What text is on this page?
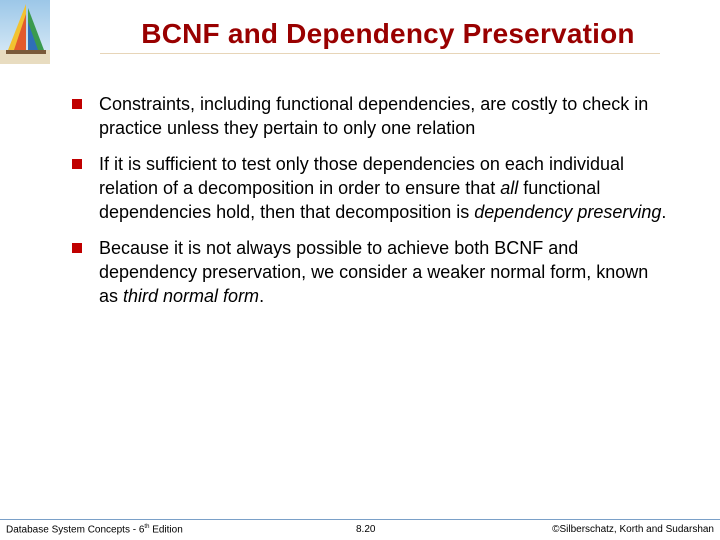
BCNF and Dependency Preservation
Constraints, including functional dependencies, are costly to check in practice unless they pertain to only one relation
If it is sufficient to test only those dependencies on each individual relation of a decomposition in order to ensure that all functional dependencies hold, then that decomposition is dependency preserving.
Because it is not always possible to achieve both BCNF and dependency preservation, we consider a weaker normal form, known as third normal form.
Database System Concepts - 6th Edition	8.20	©Silberschatz, Korth and Sudarshan
